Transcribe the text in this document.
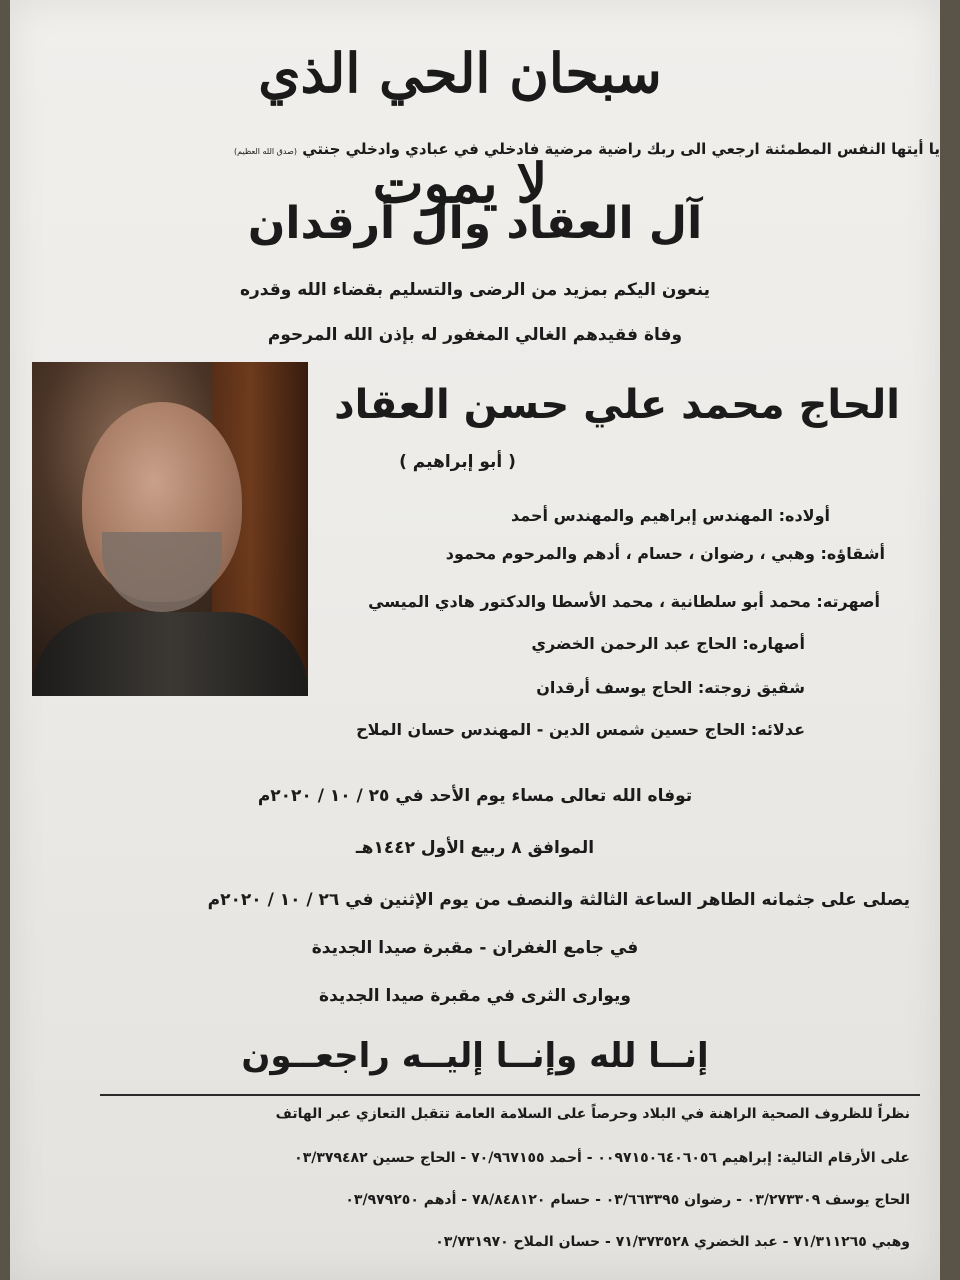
سبحان الحي الذي لا يموت
يا أيتها النفس المطمئنة ارجعي الى ربك راضية مرضية فادخلي في عبادي وادخلي جنتي (صدق الله العظيم)
آل العقاد وآل أرقدان
ينعون اليكم بمزيد من الرضى والتسليم بقضاء الله وقدره
وفاة فقيدهم الغالي المغفور له بإذن الله المرحوم
الحاج محمد علي حسن العقاد
( أبو إبراهيم )
أولاده: المهندس إبراهيم والمهندس أحمد
أشقاؤه: وهبي ، رضوان ، حسام ، أدهم والمرحوم محمود
أصهرته: محمد أبو سلطانية ، محمد الأسطا والدكتور هادي الميسي
أصهاره: الحاج عبد الرحمن الخضري
شقيق زوجته: الحاج يوسف أرقدان
عدلائه: الحاج حسين شمس الدين - المهندس حسان الملاح
توفاه الله تعالى مساء يوم الأحد في ٢٥ / ١٠ / ٢٠٢٠م
الموافق ٨ ربيع الأول ١٤٤٢هـ
يصلى على جثمانه الطاهر الساعة الثالثة والنصف من يوم الإثنين في ٢٦ / ١٠ / ٢٠٢٠م
في جامع الغفران - مقبرة صيدا الجديدة
ويوارى الثرى في مقبرة صيدا الجديدة
إنــا لله وإنــا إليــه راجعــون
نظراً للظروف الصحية الراهنة في البلاد وحرصاً على السلامة العامة تتقبل التعازي عبر الهاتف
على الأرقام التالية: إبراهيم ٠٠٩٧١٥٠٦٤٠٦٠٥٦ - أحمد ٧٠/٩٦٧١٥٥ - الحاج حسين ٠٣/٣٧٩٤٨٢
الحاج يوسف ٠٣/٢٧٣٣٠٩ - رضوان ٠٣/٦٦٣٣٩٥ - حسام ٧٨/٨٤٨١٢٠ - أدهم ٠٣/٩٧٩٢٥٠
وهبي ٧١/٣١١٢٦٥ - عبد الخضري ٧١/٣٧٣٥٢٨ - حسان الملاح ٠٣/٧٣١٩٧٠
